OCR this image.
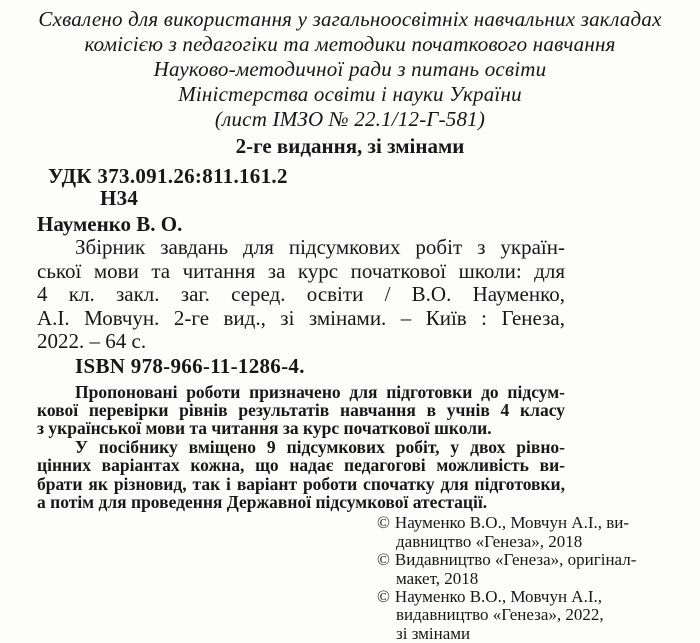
Схвалено для використання у загальноосвітніх навчальних закладах
комісією з педагогіки та методики початкового навчання
Науково-методичної ради з питань освіти
Міністерства освіти і науки України
(лист ІМЗО № 22.1/12-Г-581)
2-ге видання, зі змінами
УДК 373.091.26:811.161.2
Н34
Науменко В. О.
Збірник завдань для підсумкових робіт з україн-
ської мови та читання за курс початкової школи: для
4 кл. закл. заг. серед. освіти / В.О. Науменко,
А.І. Мовчун. 2-ге вид., зі змінами. – Київ : Генеза,
2022. – 64 с.
ISBN 978-966-11-1286-4.
Пропоновані роботи призначено для підготовки до підсум-
кової перевірки рівнів результатів навчання в учнів 4 класу
з української мови та читання за курс початкової школи.
У посібнику вміщено 9 підсумкових робіт, у двох рівно-
цінних варіантах кожна, що надає педагогові можливість ви-
брати як різновид, так і варіант роботи спочатку для підготовки,
а потім для проведення Державної підсумкової атестації.
© Науменко В.О., Мовчун А.І., ви-
давництво «Генеза», 2018
© Видавництво «Генеза», оригінал-
макет, 2018
© Науменко В.О., Мовчун А.І.,
видавництво «Генеза», 2022,
зі змінами
